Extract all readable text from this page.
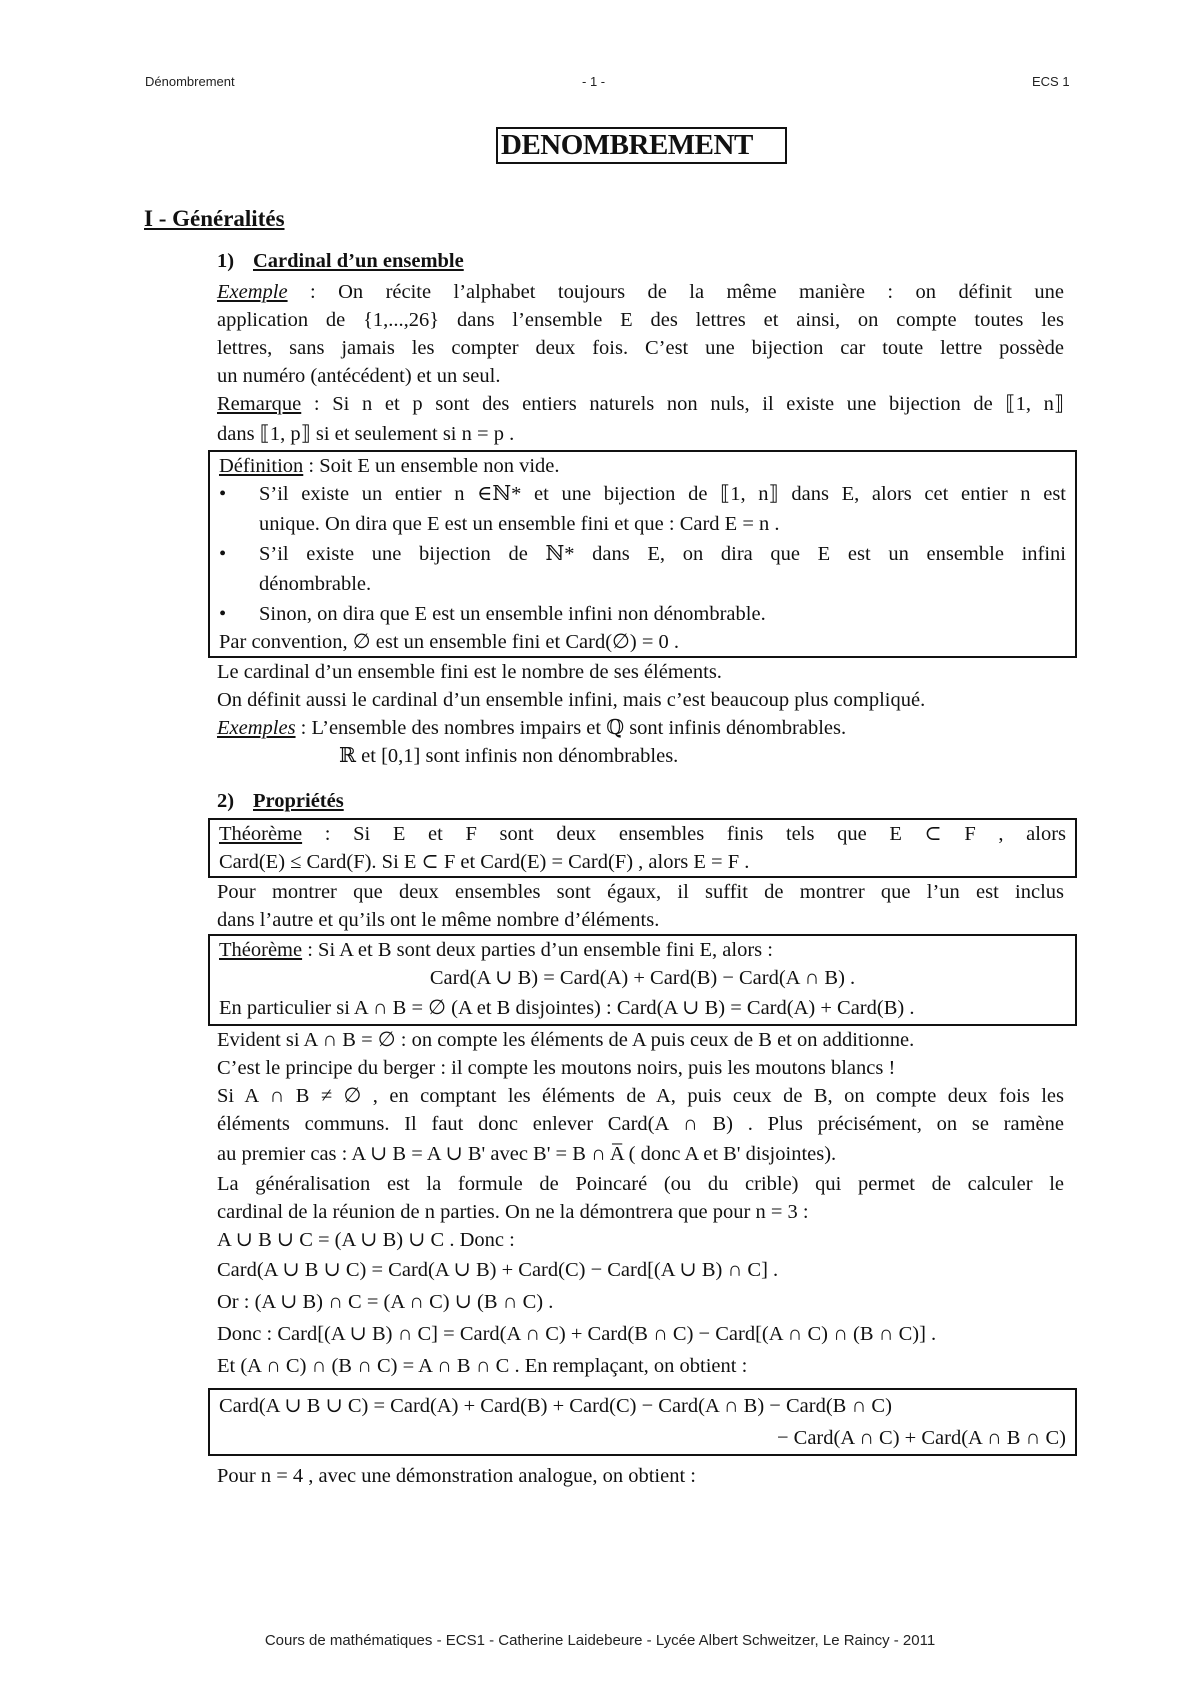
Dénombrement	- 1 -	ECS 1
DENOMBREMENT
I - Généralités
1) Cardinal d’un ensemble
Exemple : On récite l’alphabet toujours de la même manière : on définit une
application de {1,...,26} dans l’ensemble E des lettres et ainsi, on compte toutes les
lettres, sans jamais les compter deux fois. C’est une bijection car toute lettre possède
un numéro (antécédent) et un seul.
Remarque : Si n et p sont des entiers naturels non nuls, il existe une bijection de ⟦1, n⟧
dans ⟦1, p⟧ si et seulement si n = p .
Définition : Soit E un ensemble non vide.
• S’il existe un entier n ∈ℕ* et une bijection de ⟦1, n⟧ dans E, alors cet entier n est
unique. On dira que E est un ensemble fini et que : Card E = n .
• S’il existe une bijection de ℕ* dans E, on dira que E est un ensemble infini
dénombrable.
• Sinon, on dira que E est un ensemble infini non dénombrable.
Par convention, ∅ est un ensemble fini et Card(∅) = 0 .
Le cardinal d’un ensemble fini est le nombre de ses éléments.
On définit aussi le cardinal d’un ensemble infini, mais c’est beaucoup plus compliqué.
Exemples : L’ensemble des nombres impairs et ℚ sont infinis dénombrables.
ℝ et [0,1] sont infinis non dénombrables.
2) Propriétés
Théorème : Si E et F sont deux ensembles finis tels que E ⊂ F , alors
Card(E) ≤ Card(F). Si E ⊂ F et Card(E) = Card(F) , alors E = F .
Pour montrer que deux ensembles sont égaux, il suffit de montrer que l’un est inclus
dans l’autre et qu’ils ont le même nombre d’éléments.
Théorème : Si A et B sont deux parties d’un ensemble fini E, alors :
Card(A ∪ B) = Card(A) + Card(B) − Card(A ∩ B) .
En particulier si A ∩ B = ∅ (A et B disjointes) : Card(A ∪ B) = Card(A) + Card(B) .
Evident si A ∩ B = ∅ : on compte les éléments de A puis ceux de B et on additionne.
C’est le principe du berger : il compte les moutons noirs, puis les moutons blancs !
Si A ∩ B ≠ ∅ , en comptant les éléments de A, puis ceux de B, on compte deux fois les
éléments communs. Il faut donc enlever Card(A ∩ B) . Plus précisément, on se ramène
au premier cas : A ∪ B = A ∪ B' avec B' = B ∩ A̅ ( donc A et B' disjointes).
La généralisation est la formule de Poincaré (ou du crible) qui permet de calculer le
cardinal de la réunion de n parties. On ne la démontrera que pour n = 3 :
A ∪ B ∪ C = (A ∪ B) ∪ C . Donc :
Card(A ∪ B ∪ C) = Card(A ∪ B) + Card(C) − Card[(A ∪ B) ∩ C] .
Or : (A ∪ B) ∩ C = (A ∩ C) ∪ (B ∩ C) .
Donc : Card[(A ∪ B) ∩ C] = Card(A ∩ C) + Card(B ∩ C) − Card[(A ∩ C) ∩ (B ∩ C)] .
Et (A ∩ C) ∩ (B ∩ C) = A ∩ B ∩ C . En remplaçant, on obtient :
Card(A ∪ B ∪ C) = Card(A) + Card(B) + Card(C) − Card(A ∩ B) − Card(B ∩ C)
− Card(A ∩ C) + Card(A ∩ B ∩ C)
Pour n = 4 , avec une démonstration analogue, on obtient :
Cours de mathématiques - ECS1 - Catherine Laidebeure - Lycée Albert Schweitzer, Le Raincy - 2011
